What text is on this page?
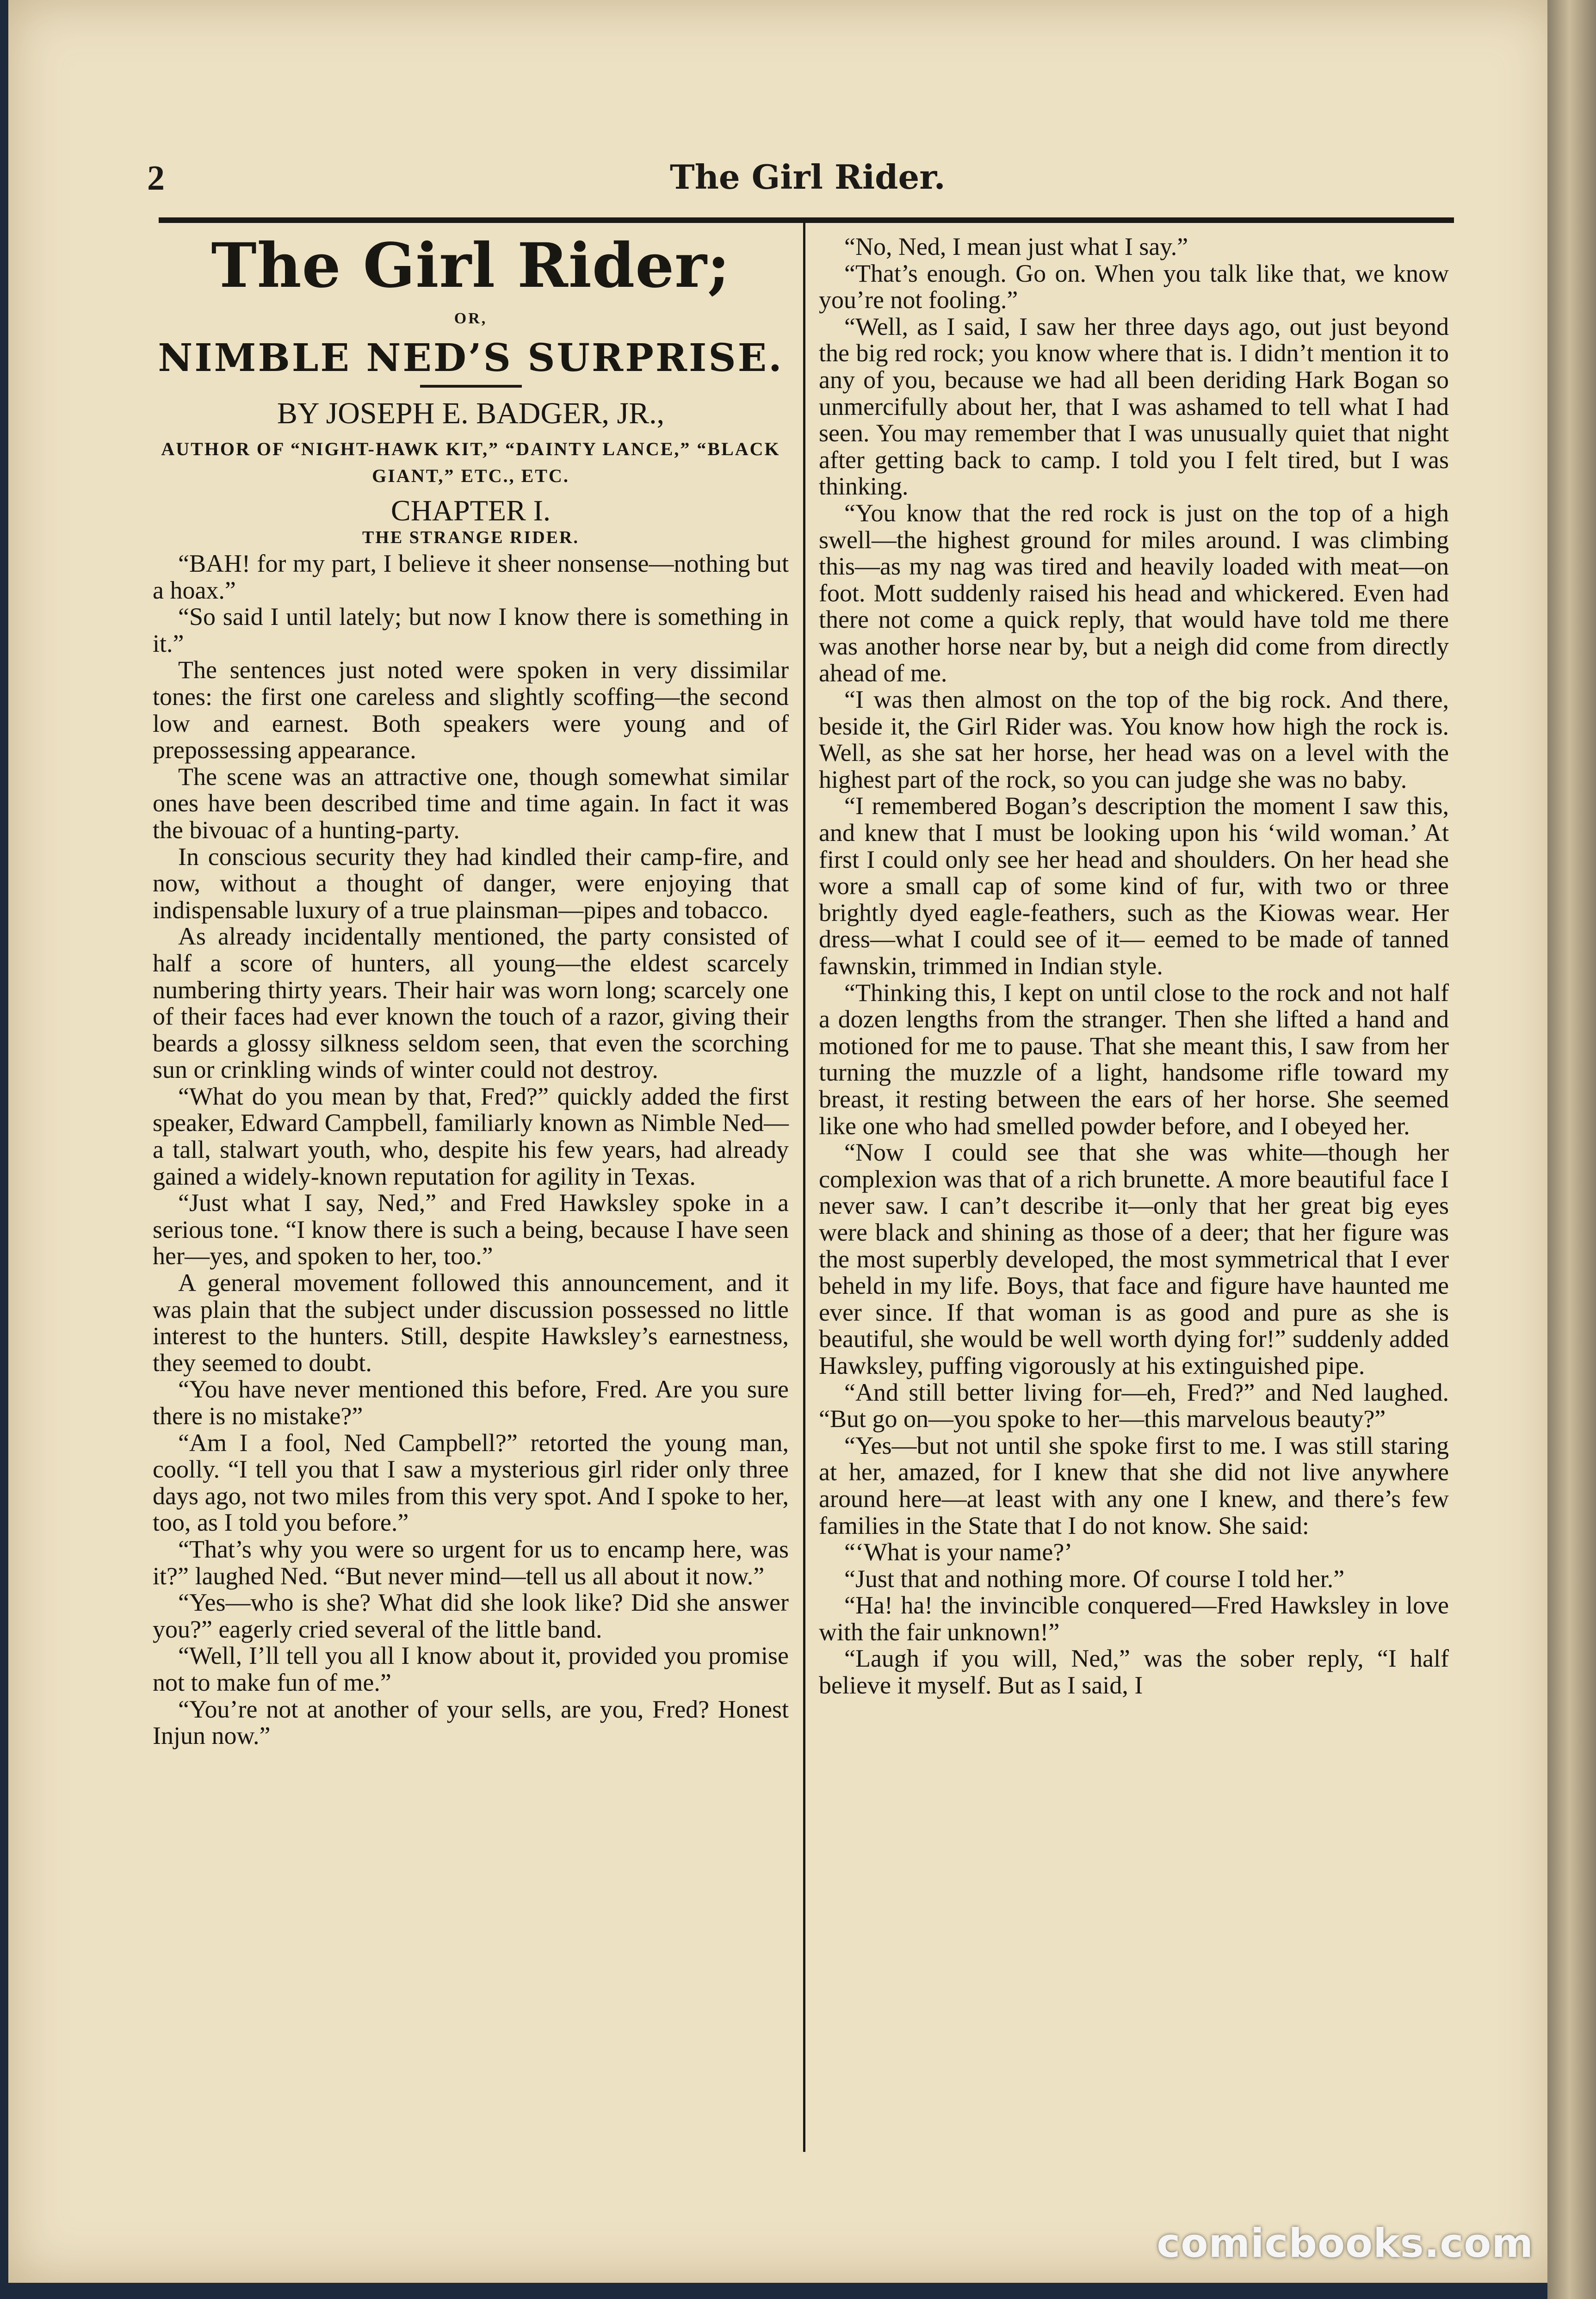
2	The Girl Rider.
The Girl Rider;
OR,
NIMBLE NED’S SURPRISE.
BY JOSEPH E. BADGER, JR.,
AUTHOR OF “NIGHT-HAWK KIT,” “DAINTY LANCE,” “BLACK GIANT,” ETC., ETC.
CHAPTER I.
THE STRANGE RIDER.

“BAH! for my part, I believe it sheer nonsense—nothing but a hoax.”

“So said I until lately; but now I know there is something in it.”

The sentences just noted were spoken in very dissimilar tones: the first one careless and slightly scoffing—the second low and earnest. Both speakers were young and of prepossessing appearance.

The scene was an attractive one, though somewhat similar ones have been described time and time again. In fact it was the bivouac of a hunting-party.

In conscious security they had kindled their camp-fire, and now, without a thought of danger, were enjoying that indispensable luxury of a true plainsman—pipes and tobacco.

As already incidentally mentioned, the party consisted of half a score of hunters, all young—the eldest scarcely numbering thirty years. Their hair was worn long; scarcely one of their faces had ever known the touch of a razor, giving their beards a glossy silkness seldom seen, that even the scorching sun or crinkling winds of winter could not destroy.

“What do you mean by that, Fred?” quickly added the first speaker, Edward Campbell, familiarly known as Nimble Ned—a tall, stalwart youth, who, despite his few years, had already gained a widely-known reputation for agility in Texas.

“Just what I say, Ned,” and Fred Hawksley spoke in a serious tone. “I know there is such a being, because I have seen her—yes, and spoken to her, too.”

A general movement followed this announcement, and it was plain that the subject under discussion possessed no little interest to the hunters. Still, despite Hawksley’s earnestness, they seemed to doubt.

“You have never mentioned this before, Fred. Are you sure there is no mistake?”

“Am I a fool, Ned Campbell?” retorted the young man, coolly. “I tell you that I saw a mysterious girl rider only three days ago, not two miles from this very spot. And I spoke to her, too, as I told you before.”

“That’s why you were so urgent for us to encamp here, was it?” laughed Ned. “But never mind—tell us all about it now.”

“Yes—who is she? What did she look like? Did she answer you?” eagerly cried several of the little band.

“Well, I’ll tell you all I know about it, provided you promise not to make fun of me.”

“You’re not at another of your sells, are you, Fred? Honest Injun now.”

“No, Ned, I mean just what I say.”

“That’s enough. Go on. When you talk like that, we know you’re not fooling.”

“Well, as I said, I saw her three days ago, out just beyond the big red rock; you know where that is. I didn’t mention it to any of you, because we had all been deriding Hark Bogan so unmercifully about her, that I was ashamed to tell what I had seen. You may remember that I was unusually quiet that night after getting back to camp. I told you I felt tired, but I was thinking.

“You know that the red rock is just on the top of a high swell—the highest ground for miles around. I was climbing this—as my nag was tired and heavily loaded with meat—on foot. Mott suddenly raised his head and whickered. Even had there not come a quick reply, that would have told me there was another horse near by, but a neigh did come from directly ahead of me.

“I was then almost on the top of the big rock. And there, beside it, the Girl Rider was. You know how high the rock is. Well, as she sat her horse, her head was on a level with the highest part of the rock, so you can judge she was no baby.

“I remembered Bogan’s description the moment I saw this, and knew that I must be looking upon his ‘wild woman.’ At first I could only see her head and shoulders. On her head she wore a small cap of some kind of fur, with two or three brightly dyed eagle-feathers, such as the Kiowas wear. Her dress—what I could see of it— eemed to be made of tanned fawnskin, trimmed in Indian style.

“Thinking this, I kept on until close to the rock and not half a dozen lengths from the stranger. Then she lifted a hand and motioned for me to pause. That she meant this, I saw from her turning the muzzle of a light, handsome rifle toward my breast, it resting between the ears of her horse. She seemed like one who had smelled powder before, and I obeyed her.

“Now I could see that she was white—though her complexion was that of a rich brunette. A more beautiful face I never saw. I can’t describe it—only that her great big eyes were black and shining as those of a deer; that her figure was the most superbly developed, the most symmetrical that I ever beheld in my life. Boys, that face and figure have haunted me ever since. If that woman is as good and pure as she is beautiful, she would be well worth dying for!” suddenly added Hawksley, puffing vigorously at his extinguished pipe.

“And still better living for—eh, Fred?” and Ned laughed. “But go on—you spoke to her—this marvelous beauty?”

“Yes—but not until she spoke first to me. I was still staring at her, amazed, for I knew that she did not live anywhere around here—at least with any one I knew, and there’s few families in the State that I do not know. She said:

“‘What is your name?’

“Just that and nothing more. Of course I told her.”

“Ha! ha! the invincible conquered—Fred Hawksley in love with the fair unknown!”

“Laugh if you will, Ned,” was the sober reply, “I half believe it myself. But as I said, I

comicbooks.com
